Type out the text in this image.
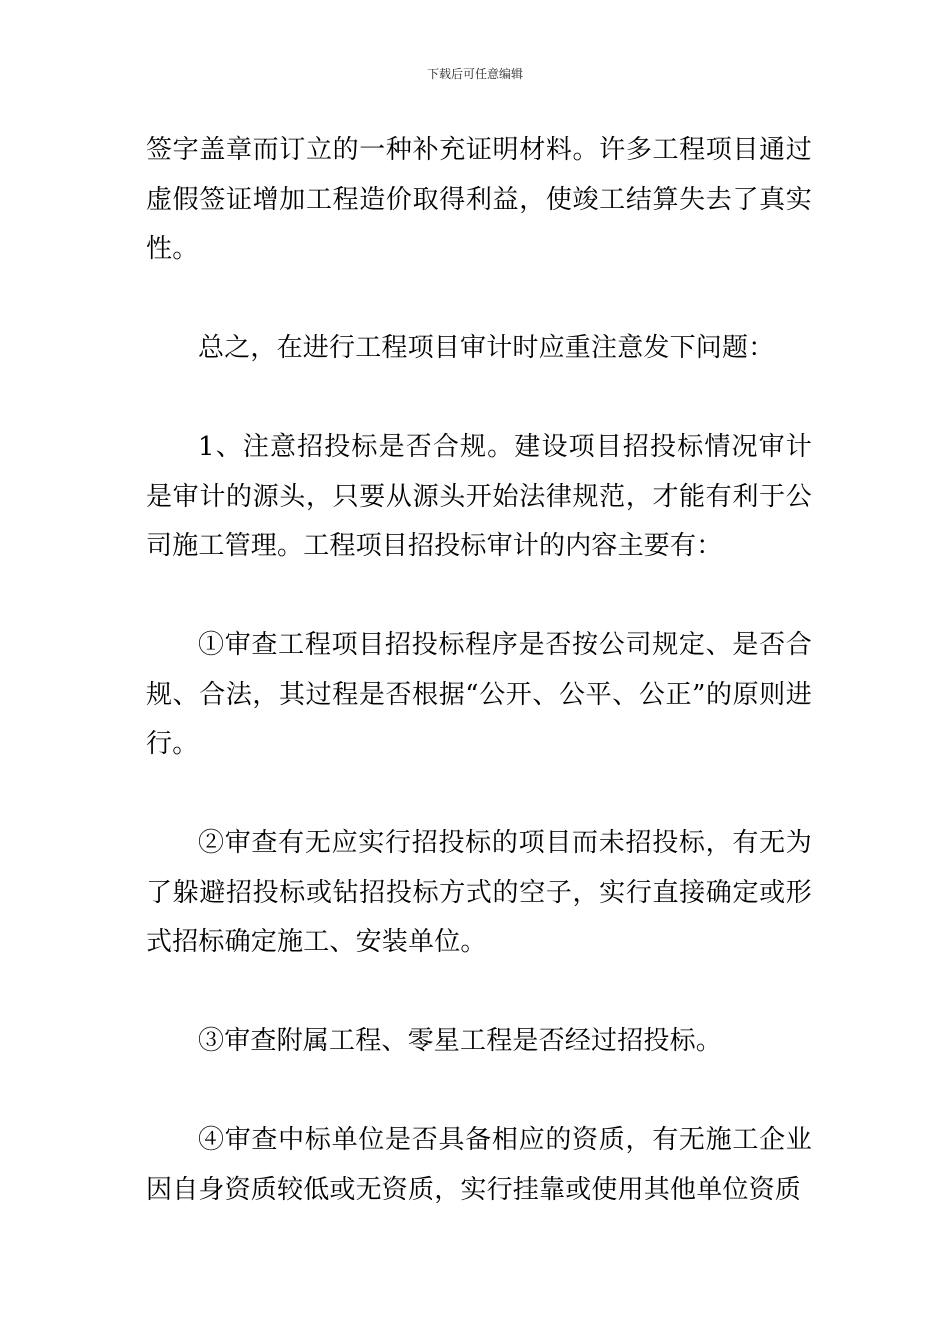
下载后可任意编辑

签字盖章而订立的一种补充证明材料。许多工程项目通过虚假签证增加工程造价取得利益，使竣工结算失去了真实性。

总之，在进行工程项目审计时应重注意发下问题：

1、注意招投标是否合规。建设项目招投标情况审计是审计的源头，只要从源头开始法律规范，才能有利于公司施工管理。工程项目招投标审计的内容主要有：

①审查工程项目招投标程序是否按公司规定、是否合规、合法，其过程是否根据“公开、公平、公正”的原则进行。

②审查有无应实行招投标的项目而未招投标，有无为了躲避招投标或钻招投标方式的空子，实行直接确定或形式招标确定施工、安装单位。

③审查附属工程、零星工程是否经过招投标。

④审查中标单位是否具备相应的资质，有无施工企业因自身资质较低或无资质，实行挂靠或使用其他单位资质
